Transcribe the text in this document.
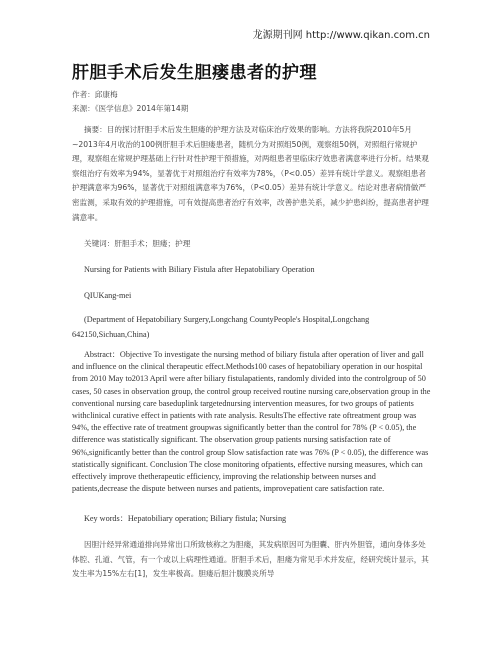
龙源期刊网 http://www.qikan.com.cn
肝胆手术后发生胆瘘患者的护理
作者：邱康梅
来源：《医学信息》2014年第14期

摘要：目的探讨肝胆手术后发生胆瘘的护理方法及对临床治疗效果的影响。方法将我院2010年5月~2013年4月收治的100例肝胆手术后胆瘘患者，随机分为对照组50例，观察组50例，对照组行常规护理，观察组在常规护理基础上行针对性护理干预措施，对两组患者里临床疗效患者满意率进行分析。结果观察组治疗有效率为94%，显著优于对照组治疗有效率为78%，（P<0.05）差异有统计学意义。观察组患者护理满意率为96%，显著优于对照组满意率为76%，（P<0.05）差异有统计学意义。结论对患者病情做严密监测，采取有效的护理措施，可有效提高患者治疗有效率，改善护患关系，减少护患纠纷，提高患者护理满意率。

关键词：肝胆手术；胆瘘；护理

Nursing for Patients with Biliary Fistula after Hepatobiliary Operation

QIUKang-mei

(Department of Hepatobiliary Surgery,Longchang CountyPeople's Hospital,Longchang 642150,Sichuan,China)

Abstract：Objective To investigate the nursing method of biliary fistula after operation of liver and gall and influence on the clinical therapeutic effect.Methods100 cases of hepatobiliary operation in our hospital from 2010 May to2013 April were after biliary fistulapatients, randomly divided into the controlgroup of 50 cases, 50 cases in observation group, the control group received routine nursing care,observation group in the conventional nursing care baseduplink targetednursing intervention measures, for two groups of patients withclinical curative effect in patients with rate analysis. ResultsThe effective rate oftreatment group was 94%, the effective rate of treatment groupwas significantly better than the control for 78% (P < 0.05), the difference was statistically significant. The observation group patients nursing satisfaction rate of 96%,significantly better than the control group Slow satisfaction rate was 76% (P < 0.05), the difference was statistically significant. Conclusion The close monitoring ofpatients, effective nursing measures, which can effectively improve thetherapeutic efficiency, improving the relationship between nurses and patients,decrease the dispute between nurses and patients, improvepatient care satisfaction rate.

Key words：Hepatobiliary operation; Biliary fistula; Nursing

因胆汁经异常通道排向异常出口所致核称之为胆瘘，其发病原因可为胆囊、肝内外胆管，通向身体多处体腔、孔道、气管，有一个或以上病理性通道。肝胆手术后，胆瘘为常见手术并发症，经研究统计显示，其发生率为15%左右[1]，发生率极高。胆瘘后胆汁腹膜炎所导
